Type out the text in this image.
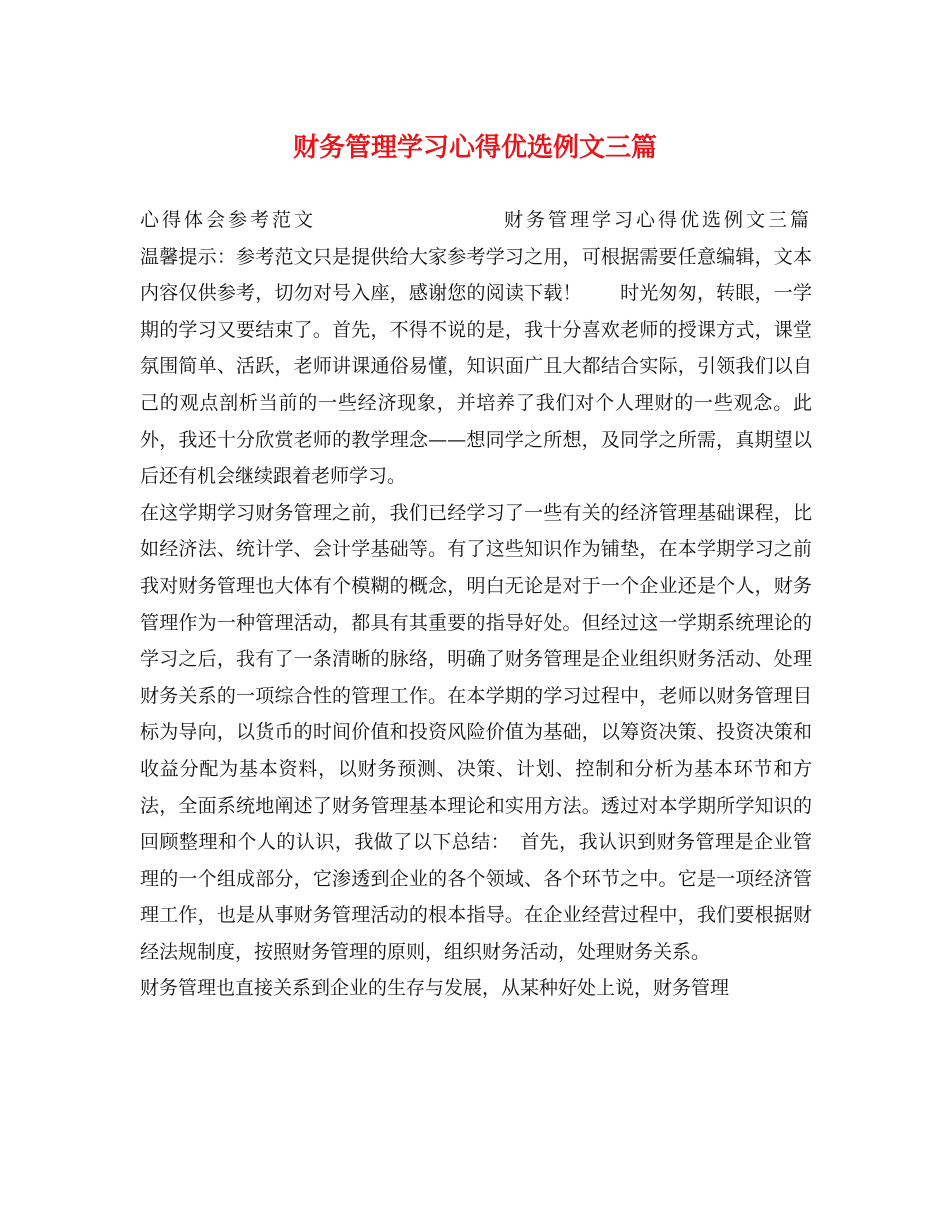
财务管理学习心得优选例文三篇
心得体会参考范文	财务管理学习心得优选例文三篇

温馨提示：参考范文只是提供给大家参考学习之用，可根据需要任意编辑，文本内容仅供参考，切勿对号入座，感谢您的阅读下载！　　时光匆匆，转眼，一学期的学习又要结束了。首先，不得不说的是，我十分喜欢老师的授课方式，课堂氛围简单、活跃，老师讲课通俗易懂，知识面广且大都结合实际，引领我们以自己的观点剖析当前的一些经济现象，并培养了我们对个人理财的一些观念。此外，我还十分欣赏老师的教学理念——想同学之所想，及同学之所需，真期望以后还有机会继续跟着老师学习。

在这学期学习财务管理之前，我们已经学习了一些有关的经济管理基础课程，比如经济法、统计学、会计学基础等。有了这些知识作为铺垫，在本学期学习之前我对财务管理也大体有个模糊的概念，明白无论是对于一个企业还是个人，财务管理作为一种管理活动，都具有其重要的指导好处。但经过这一学期系统理论的学习之后，我有了一条清晰的脉络，明确了财务管理是企业组织财务活动、处理财务关系的一项综合性的管理工作。在本学期的学习过程中，老师以财务管理目标为导向，以货币的时间价值和投资风险价值为基础，以筹资决策、投资决策和收益分配为基本资料，以财务预测、决策、计划、控制和分析为基本环节和方法，全面系统地阐述了财务管理基本理论和实用方法。透过对本学期所学知识的回顾整理和个人的认识，我做了以下总结：　首先，我认识到财务管理是企业管理的一个组成部分，它渗透到企业的各个领域、各个环节之中。它是一项经济管理工作，也是从事财务管理活动的根本指导。在企业经营过程中，我们要根据财经法规制度，按照财务管理的原则，组织财务活动，处理财务关系。

财务管理也直接关系到企业的生存与发展，从某种好处上说，财务管理
